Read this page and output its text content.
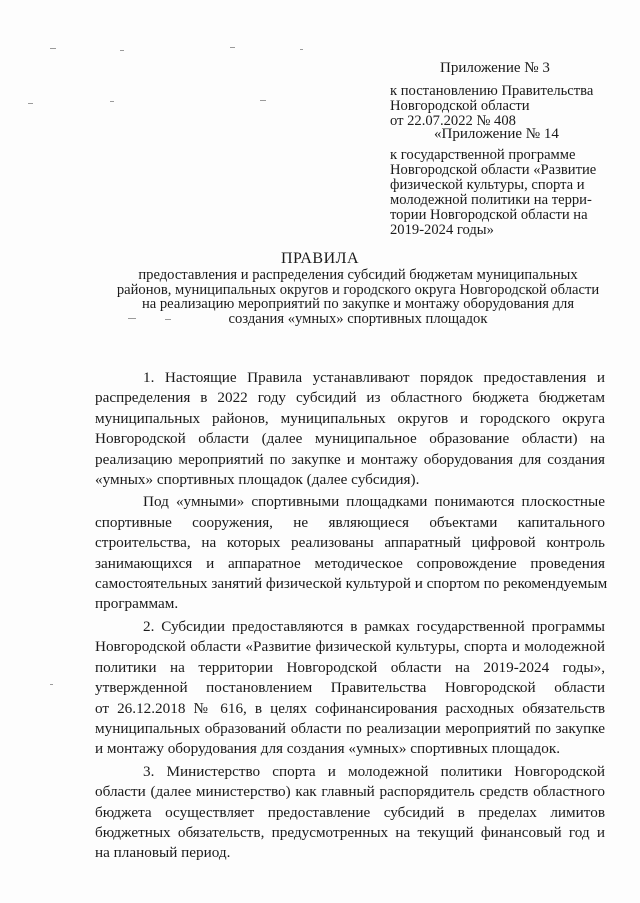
Приложение № 3
к постановлению Правительства
Новгородской области
от 22.07.2022 № 408
«Приложение № 14
к государственной программе
Новгородской области «Развитие
физической культуры, спорта и
молодежной политики на терри-
тории Новгородской области на
2019-2024 годы»
ПРАВИЛА
предоставления и распределения субсидий бюджетам муниципальных
районов, муниципальных округов и городского округа Новгородской области
на реализацию мероприятий по закупке и монтажу оборудования для
создания «умных» спортивных площадок
1. Настоящие Правила устанавливают порядок предоставления и
распределения в 2022 году субсидий из областного бюджета бюджетам
муниципальных районов, муниципальных округов и городского округа
Новгородской области (далее муниципальное образование области) на
реализацию мероприятий по закупке и монтажу оборудования для создания
«умных» спортивных площадок (далее субсидия).
Под «умными» спортивными площадками понимаются плоскостные
спортивные сооружения, не являющиеся объектами капитального
строительства, на которых реализованы аппаратный цифровой контроль
занимающихся и аппаратное методическое сопровождение проведения
самостоятельных занятий физической культурой и спортом по рекомендуемым
программам.
2. Субсидии предоставляются в рамках государственной программы
Новгородской области «Развитие физической культуры, спорта и молодежной
политики на территории Новгородской области на 2019-2024 годы»,
утвержденной постановлением Правительства Новгородской области
от 26.12.2018 № 616, в целях софинансирования расходных обязательств
муниципальных образований области по реализации мероприятий по закупке
и монтажу оборудования для создания «умных» спортивных площадок.
3. Министерство спорта и молодежной политики Новгородской
области (далее министерство) как главный распорядитель средств областного
бюджета осуществляет предоставление субсидий в пределах лимитов
бюджетных обязательств, предусмотренных на текущий финансовый год и
на плановый период.
